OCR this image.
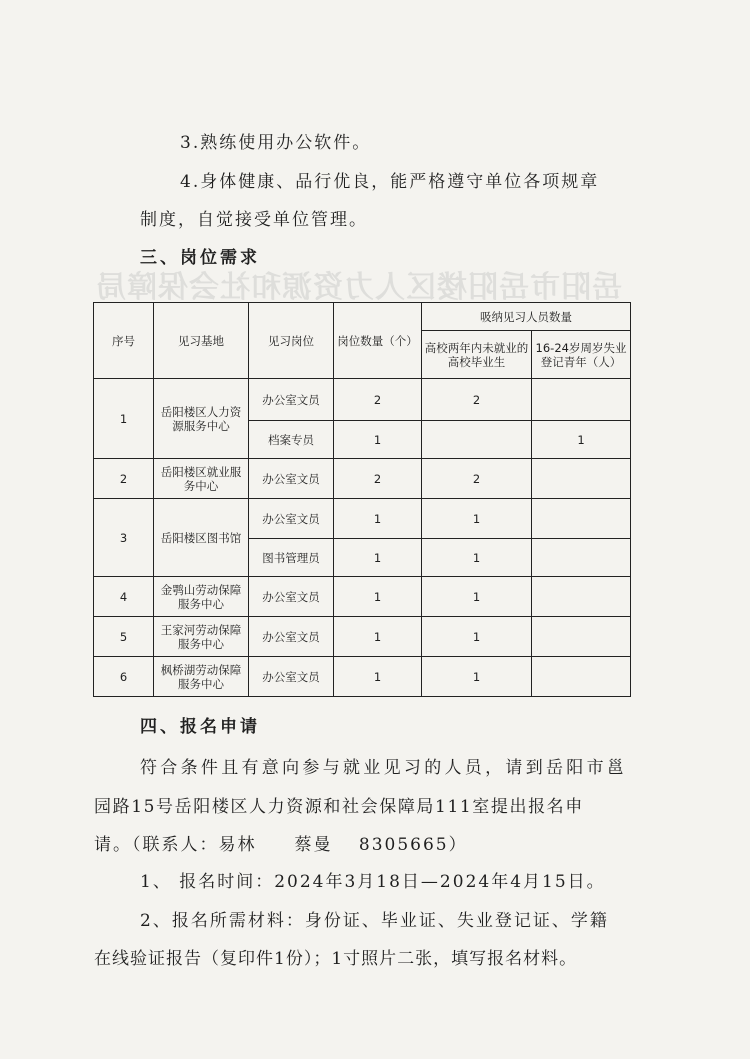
岳阳市岳阳楼区人力资源和社会保障局
3.熟练使用办公软件。
4.身体健康、品行优良，能严格遵守单位各项规章
制度，自觉接受单位管理。
三、岗位需求
序号	见习基地	见习岗位	岗位数量（个）	吸纳见习人员数量	
				高校两年内未就业的高校毕业生	16-24岁周岁失业登记青年（人）
1	岳阳楼区人力资源服务中心	办公室文员	2	2	
		档案专员	1		1
2	岳阳楼区就业服务中心	办公室文员	2	2	
3	岳阳楼区图书馆	办公室文员	1	1	
		图书管理员	1	1	
4	金鹗山劳动保障服务中心	办公室文员	1	1	
5	王家河劳动保障服务中心	办公室文员	1	1	
6	枫桥湖劳动保障服务中心	办公室文员	1	1	
四、报名申请
符合条件且有意向参与就业见习的人员，请到岳阳市邕
园路15号岳阳楼区人力资源和社会保障局111室提出报名申
请。（联系人：易林　　蔡曼　 8305665）
1、 报名时间：2024年3月18日—2024年4月15日。
2、报名所需材料：身份证、毕业证、失业登记证、学籍
在线验证报告（复印件1份）；1寸照片二张，填写报名材料。
